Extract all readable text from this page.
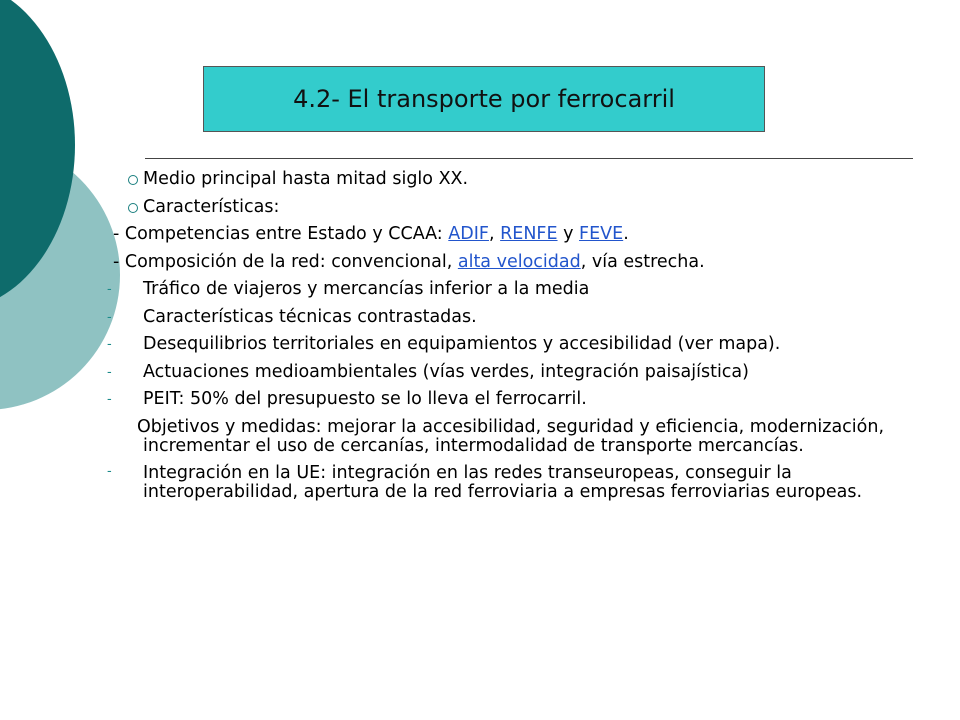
4.2- El transporte por ferrocarril
Medio principal hasta mitad siglo XX.
Características:
- Competencias entre Estado y CCAA: ADIF, RENFE y FEVE.
- Composición de la red: convencional, alta velocidad, vía estrecha.
- Tráfico de viajeros y mercancías inferior a la media
- Características técnicas contrastadas.
- Desequilibrios territoriales en equipamientos y accesibilidad (ver mapa).
- Actuaciones medioambientales (vías verdes, integración paisajística)
- PEIT: 50% del presupuesto se lo lleva el ferrocarril.
Objetivos y medidas: mejorar la accesibilidad, seguridad y eficiencia, modernización, incrementar el uso de cercanías, intermodalidad de transporte mercancías.
- Integración en la UE: integración en las redes transeuropeas, conseguir la interoperabilidad, apertura de la red ferroviaria a empresas ferroviarias europeas.
